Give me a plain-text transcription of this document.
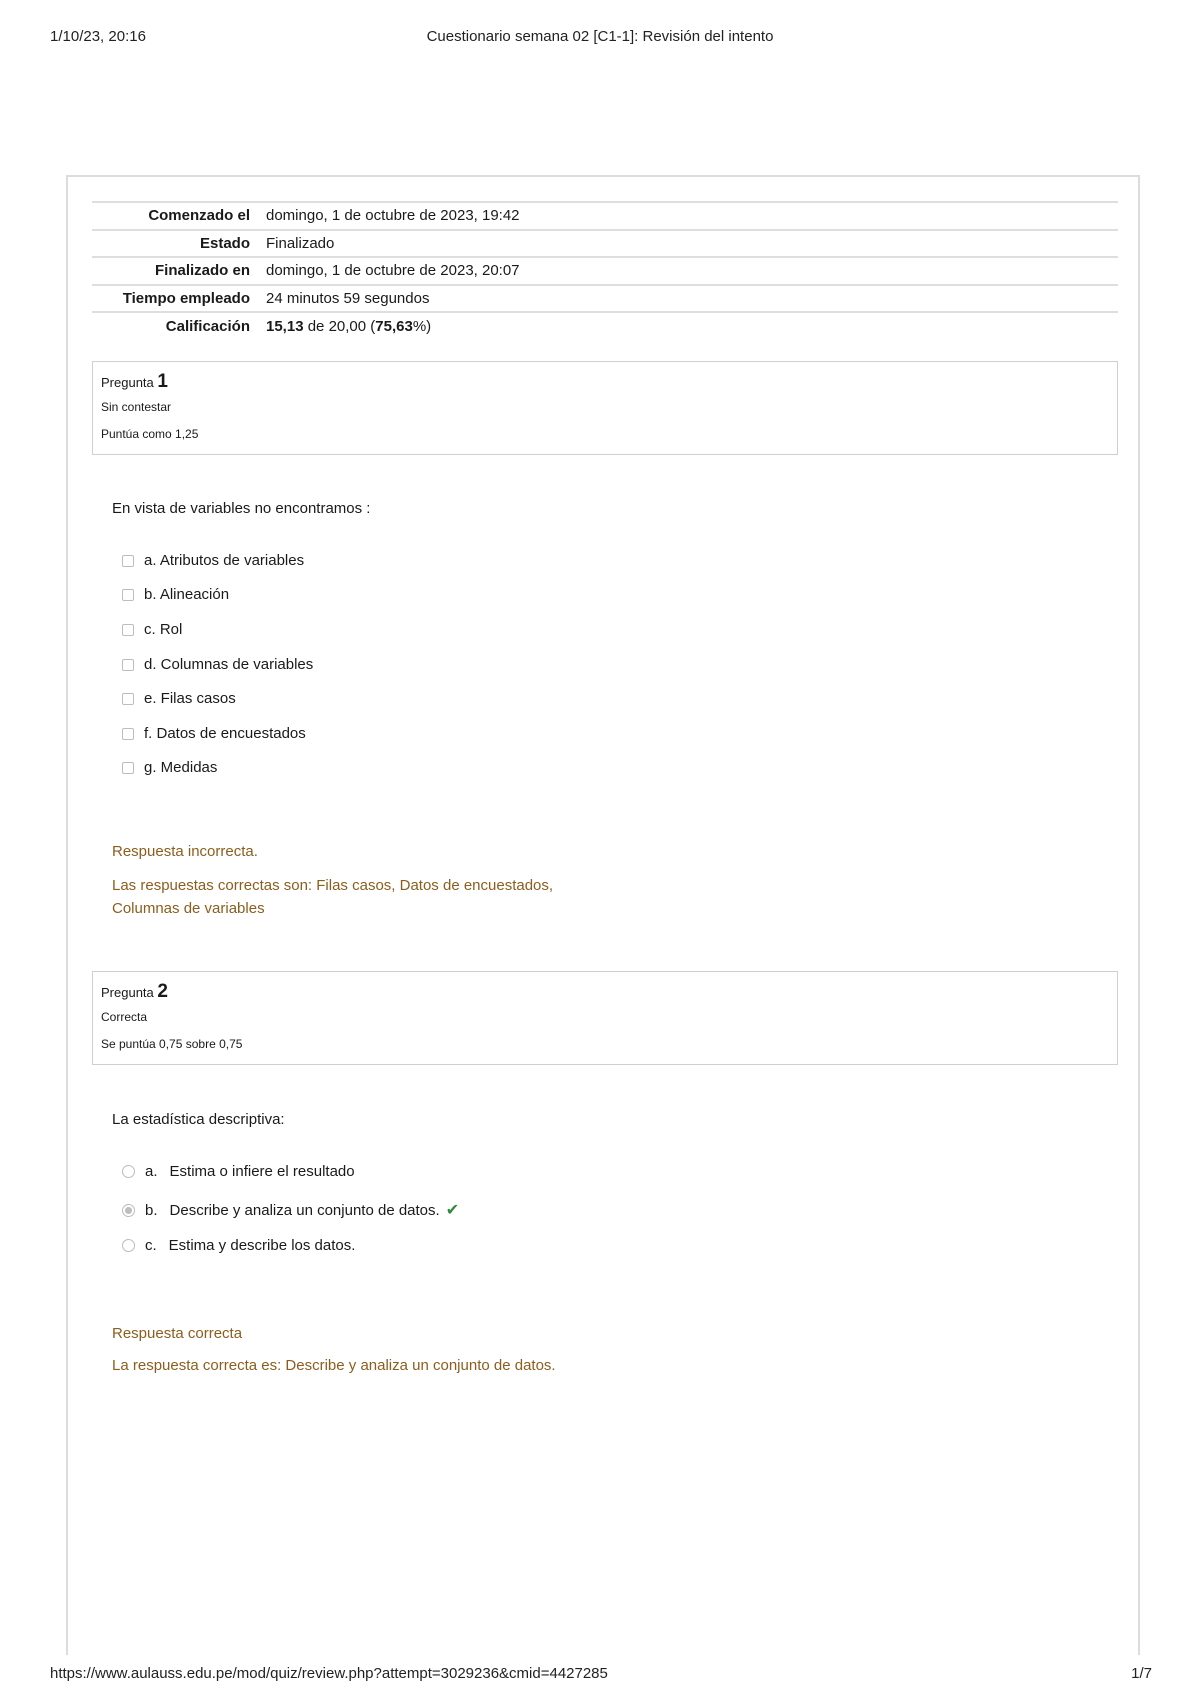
1/10/23, 20:16	Cuestionario semana 02 [C1-1]: Revisión del intento
Comenzado el	domingo, 1 de octubre de 2023, 19:42
Estado	Finalizado
Finalizado en	domingo, 1 de octubre de 2023, 20:07
Tiempo empleado	24 minutos 59 segundos
Calificación	15,13 de 20,00 (75,63%)
Pregunta 1
Sin contestar
Puntúa como 1,25
En vista de variables no encontramos :
a. Atributos de variables
b. Alineación
c. Rol
d. Columnas de variables
e. Filas casos
f. Datos de encuestados
g. Medidas

Respuesta incorrecta.

Las respuestas correctas son: Filas casos, Datos de encuestados,

Columnas de variables

Pregunta 2
Correcta
Se puntúa 0,75 sobre 0,75
La estadística descriptiva:
a. Estima o infiere el resultado
b. Describe y analiza un conjunto de datos. ✔
c. Estima y describe los datos.

Respuesta correcta

La respuesta correcta es: Describe y analiza un conjunto de datos.

https://www.aulauss.edu.pe/mod/quiz/review.php?attempt=3029236&cmid=4427285	1/7
